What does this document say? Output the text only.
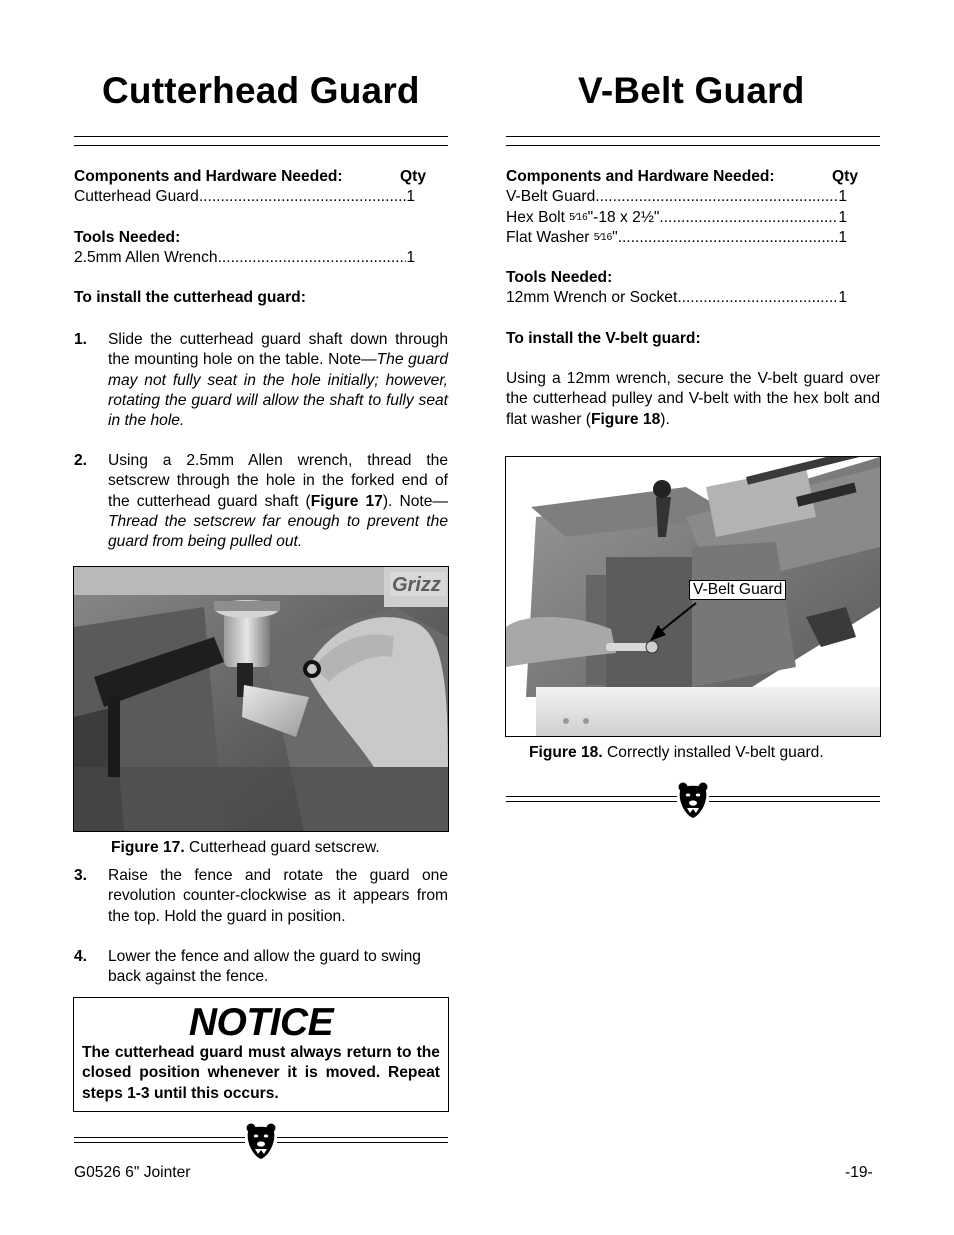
Cutterhead Guard
Components and Hardware Needed:	Qty
Cutterhead Guard .....	1
Tools Needed:
2.5mm Allen Wrench .....	1
To install the cutterhead guard:
1.	Slide the cutterhead guard shaft down through the mounting hole on the table. Note—The guard may not fully seat in the hole initially; however, rotating the guard will allow the shaft to fully seat in the hole.
2.	Using a 2.5mm Allen wrench, thread the setscrew through the hole in the forked end of the cutterhead guard shaft (Figure 17). Note—Thread the setscrew far enough to prevent the guard from being pulled out.
Grizz
Figure 17. Cutterhead guard setscrew.
3.	Raise the fence and rotate the guard one revolution counter-clockwise as it appears from the top. Hold the guard in position.
4.	Lower the fence and allow the guard to swing back against the fence.
NOTICE
The cutterhead guard must always return to the closed position whenever it is moved. Repeat steps 1-3 until this occurs.
V-Belt Guard
Components and Hardware Needed:	Qty
V-Belt Guard .....	1
Hex Bolt 5⁄16"-18 x 2½" .....	1
Flat Washer 5⁄16" .....	1
Tools Needed:
12mm Wrench or Socket .....	1
To install the V-belt guard:
Using a 12mm wrench, secure the V-belt guard over the cutterhead pulley and V-belt with the hex bolt and flat washer (Figure 18).
V-Belt Guard
Figure 18. Correctly installed V-belt guard.
G0526 6" Jointer	-19-
